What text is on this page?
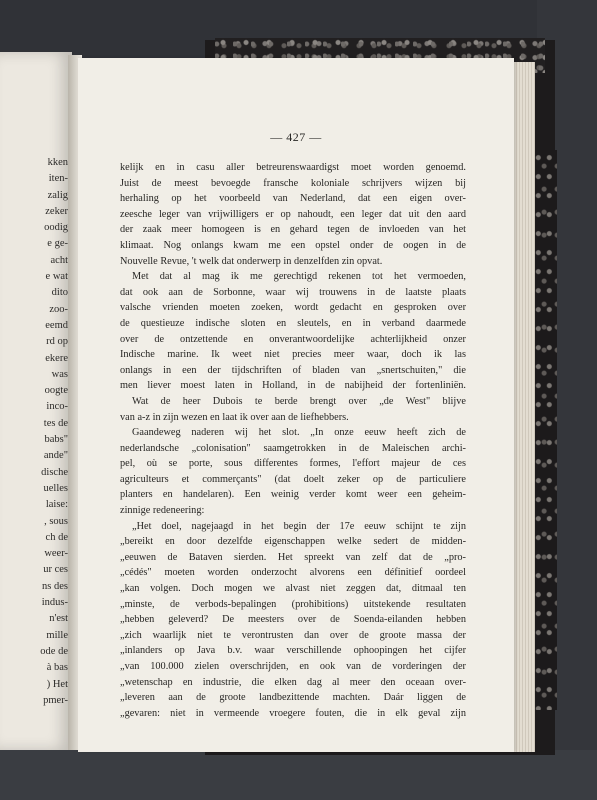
kken
iten-
zalig
zeker
oodig
e ge-
acht
e wat
dito
zoo-
eemd
rd op
ekere
was
oogte
inco-
tes de
babs"
ande"
dische
uelles
laise:
, sous
ch de
weer-
ur ces
ns des
indus-
n'est
mille
ode de
à bas
) Het
pmer-
— 427 —
kelijk en in casu aller betreurenswaardigst moet worden genoemd.
Juist de meest bevoegde fransche koloniale schrijvers wijzen bij
herhaling op het voorbeeld van Nederland, dat een eigen over-
zeesche leger van vrijwilligers er op nahoudt, een leger dat uit den aard
der zaak meer homogeen is en gehard tegen de invloeden van het
klimaat. Nog onlangs kwam me een opstel onder de oogen in de
Nouvelle Revue, 't welk dat onderwerp in denzelfden zin opvat.
Met dat al mag ik me gerechtigd rekenen tot het vermoeden,
dat ook aan de Sorbonne, waar wij trouwens in de laatste plaats
valsche vrienden moeten zoeken, wordt gedacht en gesproken over
de questieuze indische sloten en sleutels, en in verband daarmede
over de ontzettende en onverantwoordelijke achterlijkheid onzer
Indische marine. Ik weet niet precies meer waar, doch ik las
onlangs in een der tijdschriften of bladen van „snertschuiten," die
men liever moest laten in Holland, in de nabijheid der fortenliniën.
Wat de heer Dubois te berde brengt over „de West" blijve
van a-z in zijn wezen en laat ik over aan de liefhebbers.
Gaandeweg naderen wij het slot. „In onze eeuw heeft zich de
nederlandsche „colonisation" saamgetrokken in de Maleischen archi-
pel, où se porte, sous differentes formes, l'effort majeur de ces
agriculteurs et commerçants" (dat doelt zeker op de particuliere
planters en handelaren). Een weinig verder komt weer een geheim-
zinnige redeneering:
„Het doel, nagejaagd in het begin der 17e eeuw schijnt te zijn
„bereikt en door dezelfde eigenschappen welke sedert de midden-
„eeuwen de Bataven sierden. Het spreekt van zelf dat de „pro-
„cédés" moeten worden onderzocht alvorens een définitief oordeel
„kan volgen. Doch mogen we alvast niet zeggen dat, ditmaal ten
„minste, de verbods-bepalingen (prohibitions) uitstekende resultaten
„hebben geleverd? De meesters over de Soenda-eilanden hebben
„zich waarlijk niet te verontrusten dan over de groote massa der
„inlanders op Java b.v. waar verschillende ophoopingen het cijfer
„van 100.000 zielen overschrijden, en ook van de vorderingen der
„wetenschap en industrie, die elken dag al meer den oceaan over-
„leveren aan de groote landbezittende machten. Daár liggen de
„gevaren: niet in vermeende vroegere fouten, die in elk geval zijn
